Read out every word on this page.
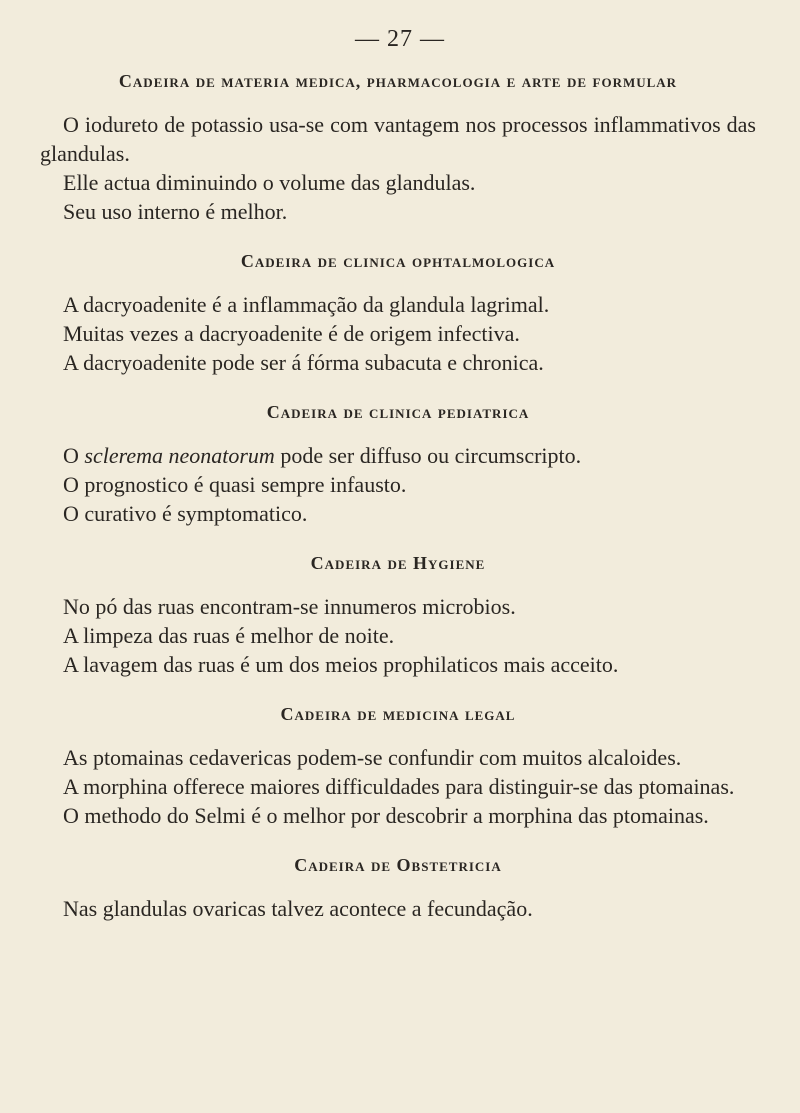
— 27 —
Cadeira de materia medica, pharmacologia e arte de formular

O iodureto de potassio usa-se com vantagem nos processos inflammativos das glandulas.

Elle actua diminuindo o volume das glandulas.

Seu uso interno é melhor.

Cadeira de clinica ophtalmologica

A dacryoadenite é a inflammação da glandula lagrimal.

Muitas vezes a dacryoadenite é de origem infectiva.

A dacryoadenite pode ser á fórma subacuta e chronica.

Cadeira de clinica pediatrica

O sclerema neonatorum pode ser diffuso ou circumscripto.

O prognostico é quasi sempre infausto.

O curativo é symptomatico.

Cadeira de Hygiene

No pó das ruas encontram-se innumeros microbios.

A limpeza das ruas é melhor de noite.

A lavagem das ruas é um dos meios prophilaticos mais acceito.

Cadeira de medicina legal

As ptomainas cedavericas podem-se confundir com muitos alcaloides.

A morphina offerece maiores difficuldades para distinguir-se das ptomainas.

O methodo do Selmi é o melhor por descobrir a morphina das ptomainas.

Cadeira de Obstetricia

Nas glandulas ovaricas talvez acontece a fecundação.
